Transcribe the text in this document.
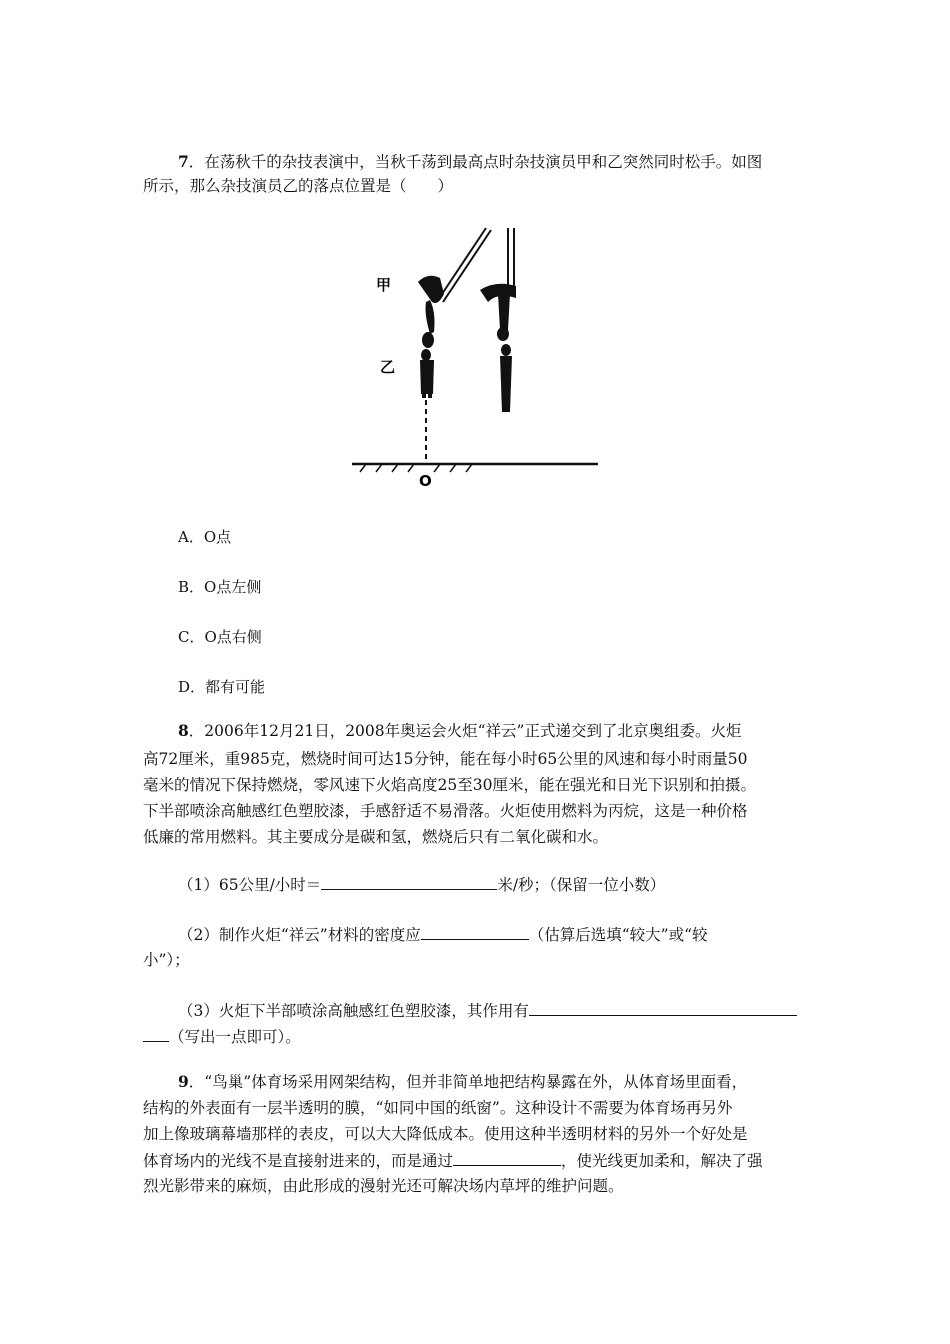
7．在荡秋千的杂技表演中，当秋千荡到最高点时杂技演员甲和乙突然同时松手。如图
所示，那么杂技演员乙的落点位置是（　　）
甲
乙
O
A．O点
B．O点左侧
C．O点右侧
D．都有可能
8．2006年12月21日，2008年奥运会火炬“祥云”正式递交到了北京奥组委。火炬
高72厘米，重985克，燃烧时间可达15分钟，能在每小时65公里的风速和每小时雨量50
毫米的情况下保持燃烧，零风速下火焰高度25至30厘米，能在强光和日光下识别和拍摄。
下半部喷涂高触感红色塑胶漆，手感舒适不易滑落。火炬使用燃料为丙烷，这是一种价格
低廉的常用燃料。其主要成分是碳和氢，燃烧后只有二氧化碳和水。
（1）65公里/小时＝	米/秒；（保留一位小数）
（2）制作火炬“祥云”材料的密度应	（估算后选填“较大”或“较
小”）；
（3）火炬下半部喷涂高触感红色塑胶漆，其作用有
（写出一点即可）。
9．“鸟巢”体育场采用网架结构，但并非简单地把结构暴露在外，从体育场里面看，
结构的外表面有一层半透明的膜，“如同中国的纸窗”。这种设计不需要为体育场再另外
加上像玻璃幕墙那样的表皮，可以大大降低成本。使用这种半透明材料的另外一个好处是
体育场内的光线不是直接射进来的，而是通过	，使光线更加柔和，解决了强
烈光影带来的麻烦，由此形成的漫射光还可解决场内草坪的维护问题。
